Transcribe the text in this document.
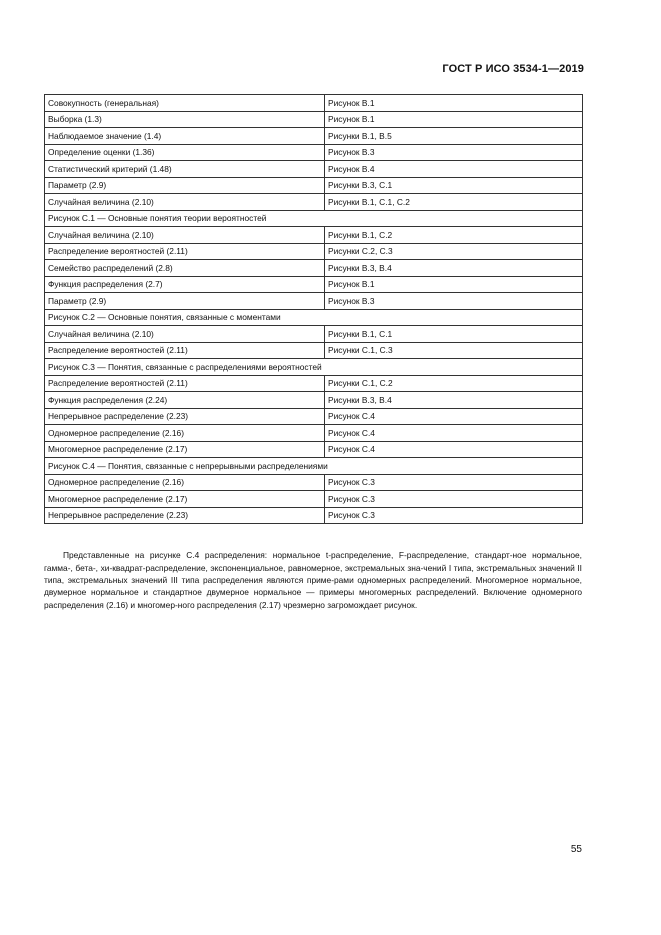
ГОСТ Р ИСО 3534-1—2019
Совокупность (генеральная)	Рисунок В.1
Выборка (1.3)	Рисунок В.1
Наблюдаемое значение (1.4)	Рисунки В.1, В.5
Определение оценки (1.36)	Рисунок В.3
Статистический критерий (1.48)	Рисунок В.4
Параметр (2.9)	Рисунки В.3, С.1
Случайная величина (2.10)	Рисунки В.1, С.1, С.2
Рисунок С.1 — Основные понятия теории вероятностей	
Случайная величина (2.10)	Рисунки В.1, С.2
Распределение вероятностей (2.11)	Рисунки С.2, С.3
Семейство распределений (2.8)	Рисунки В.3, В.4
Функция распределения (2.7)	Рисунок В.1
Параметр (2.9)	Рисунок В.3
Рисунок С.2 — Основные понятия, связанные с моментами	
Случайная величина (2.10)	Рисунки В.1, С.1
Распределение вероятностей (2.11)	Рисунки С.1, С.3
Рисунок С.3 — Понятия, связанные с распределениями вероятностей	
Распределение вероятностей (2.11)	Рисунки С.1, С.2
Функция распределения (2.24)	Рисунки В.3, В.4
Непрерывное распределение (2.23)	Рисунок С.4
Одномерное распределение (2.16)	Рисунок С.4
Многомерное распределение (2.17)	Рисунок С.4
Рисунок С.4 — Понятия, связанные с непрерывными распределениями	
Одномерное распределение (2.16)	Рисунок С.3
Многомерное распределение (2.17)	Рисунок С.3
Непрерывное распределение (2.23)	Рисунок С.3

Представленные на рисунке С.4 распределения: нормальное t-распределение, F-распределение, стандарт-ное нормальное, гамма-, бета-, хи-квадрат-распределение, экспоненциальное, равномерное, экстремальных зна-чений I типа, экстремальных значений II типа, экстремальных значений III типа распределения являются приме-рами одномерных распределений. Многомерное нормальное, двумерное нормальное и стандартное двумерное нормальное — примеры многомерных распределений. Включение одномерного распределения (2.16) и многомер-ного распределения (2.17) чрезмерно загромождает рисунок.

55
